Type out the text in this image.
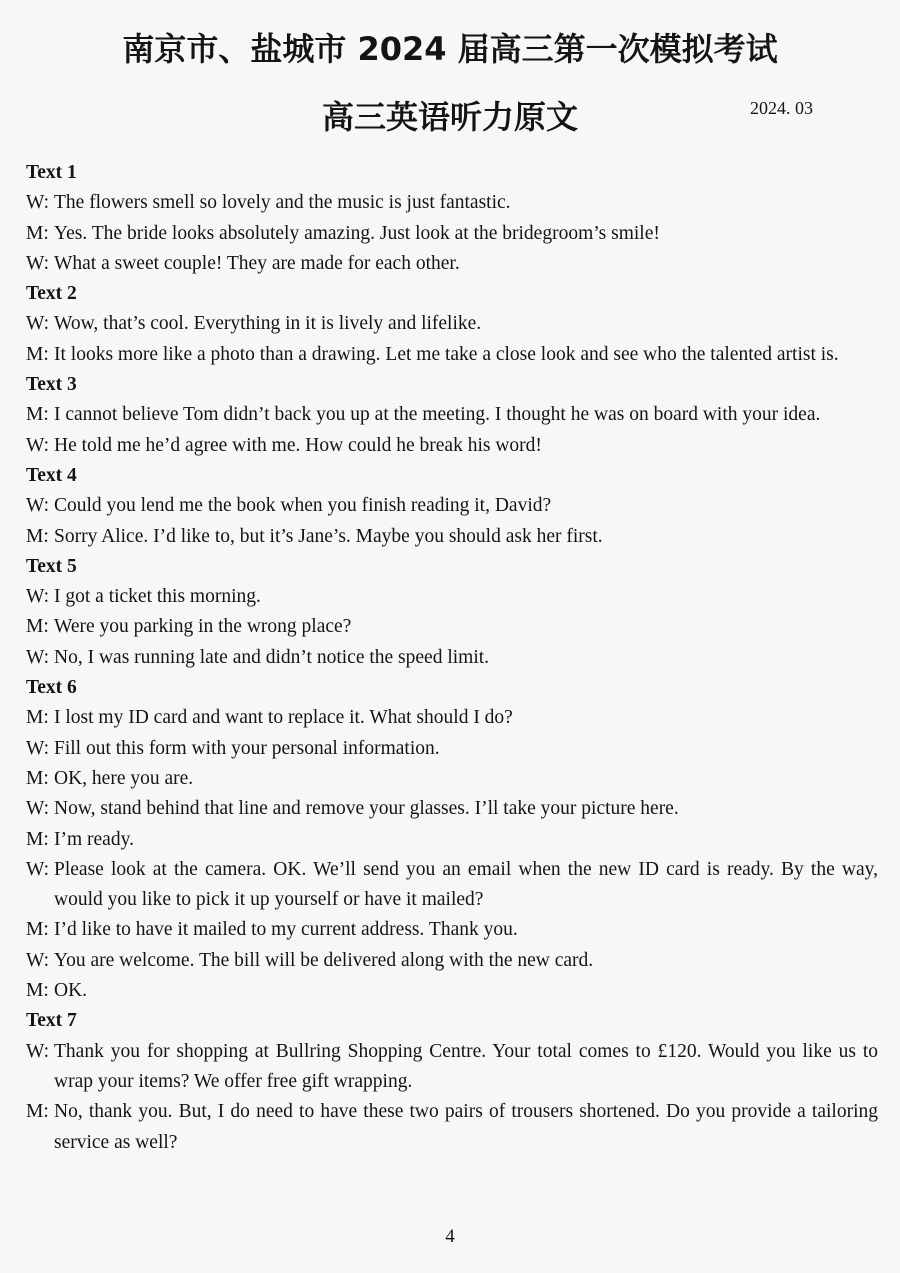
南京市、盐城市 2024 届高三第一次模拟考试
高三英语听力原文	2024. 03

Text 1

W: The flowers smell so lovely and the music is just fantastic.

M: Yes. The bride looks absolutely amazing. Just look at the bridegroom’s smile!

W: What a sweet couple! They are made for each other.

Text 2

W: Wow, that’s cool. Everything in it is lively and lifelike.

M: It looks more like a photo than a drawing. Let me take a close look and see who the talented artist is.

Text 3

M: I cannot believe Tom didn’t back you up at the meeting. I thought he was on board with your idea.

W: He told me he’d agree with me. How could he break his word!

Text 4

W: Could you lend me the book when you finish reading it, David?

M: Sorry Alice. I’d like to, but it’s Jane’s. Maybe you should ask her first.

Text 5

W: I got a ticket this morning.

M: Were you parking in the wrong place?

W: No, I was running late and didn’t notice the speed limit.

Text 6

M: I lost my ID card and want to replace it. What should I do?

W: Fill out this form with your personal information.

M: OK, here you are.

W: Now, stand behind that line and remove your glasses. I’ll take your picture here.

M: I’m ready.

W: Please look at the camera. OK. We’ll send you an email when the new ID card is ready. By the way, would you like to pick it up yourself or have it mailed?

M: I’d like to have it mailed to my current address. Thank you.

W: You are welcome. The bill will be delivered along with the new card.

M: OK.

Text 7

W: Thank you for shopping at Bullring Shopping Centre. Your total comes to £120. Would you like us to wrap your items? We offer free gift wrapping.

M: No, thank you. But, I do need to have these two pairs of trousers shortened. Do you provide a tailoring service as well?

4
